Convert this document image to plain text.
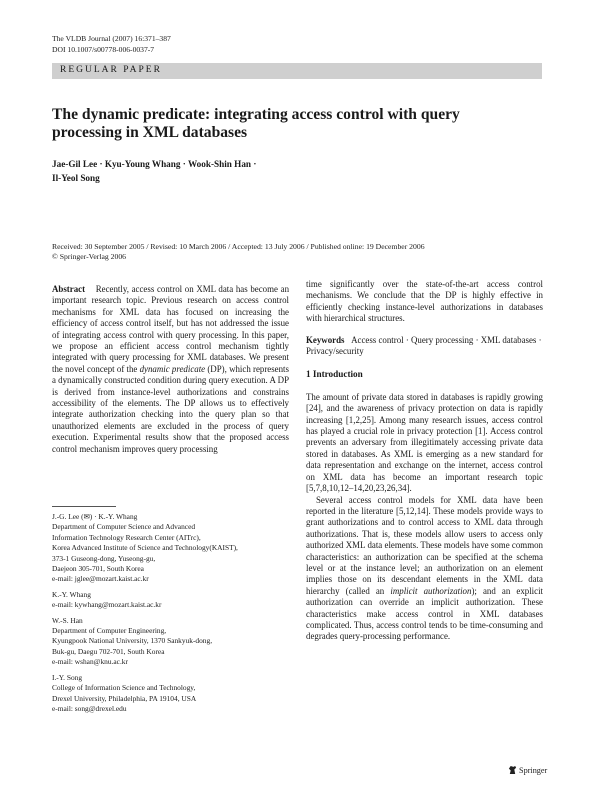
The VLDB Journal (2007) 16:371–387
DOI 10.1007/s00778-006-0037-7
REGULAR PAPER
The dynamic predicate: integrating access control with query processing in XML databases
Jae-Gil Lee · Kyu-Young Whang · Wook-Shin Han ·
Il-Yeol Song
Received: 30 September 2005 / Revised: 10 March 2006 / Accepted: 13 July 2006 / Published online: 19 December 2006
© Springer-Verlag 2006

Abstract Recently, access control on XML data has become an important research topic. Previous research on access control mechanisms for XML data has focused on increasing the efficiency of access control itself, but has not addressed the issue of integrating access control with query processing. In this paper, we propose an efficient access control mechanism tightly integrated with query processing for XML databases. We present the novel concept of the dynamic predicate (DP), which represents a dynamically constructed condition during query execution. A DP is derived from instance-level authorizations and constrains accessibility of the elements. The DP allows us to effectively integrate authorization checking into the query plan so that unauthorized elements are excluded in the process of query execution. Experimental results show that the proposed access control mechanism improves query processing

J.-G. Lee (✉) · K.-Y. Whang
Department of Computer Science and Advanced
Information Technology Research Center (AITrc),
Korea Advanced Institute of Science and Technology(KAIST),
373-1 Guseong-dong, Yuseong-gu,
Daejeon 305-701, South Korea
e-mail: jglee@mozart.kaist.ac.kr
K.-Y. Whang
e-mail: kywhang@mozart.kaist.ac.kr
W.-S. Han
Department of Computer Engineering,
Kyungpook National University, 1370 Sankyuk-dong,
Buk-gu, Daegu 702-701, South Korea
e-mail: wshan@knu.ac.kr
I.-Y. Song
College of Information Science and Technology,
Drexel University, Philadelphia, PA 19104, USA
e-mail: song@drexel.edu

time significantly over the state-of-the-art access control mechanisms. We conclude that the DP is highly effective in efficiently checking instance-level authorizations in databases with hierarchical structures.

Keywords Access control · Query processing · XML databases · Privacy/security

1 Introduction

The amount of private data stored in databases is rapidly growing [24], and the awareness of privacy protection on data is rapidly increasing [1,2,25]. Among many research issues, access control has played a crucial role in privacy protection [1]. Access control prevents an adversary from illegitimately accessing private data stored in databases. As XML is emerging as a new standard for data representation and exchange on the internet, access control on XML data has become an important research topic [5,7,8,10,12–14,20,23,26,34].

Several access control models for XML data have been reported in the literature [5,12,14]. These models provide ways to grant authorizations and to control access to XML data through authorizations. That is, these models allow users to access only authorized XML data elements. These models have some common characteristics: an authorization can be specified at the schema level or at the instance level; an authorization on an element implies those on its descendant elements in the XML data hierarchy (called an implicit authorization); and an explicit authorization can override an implicit authorization. These characteristics make access control in XML databases complicated. Thus, access control tends to be time-consuming and degrades query-processing performance.

Springer
